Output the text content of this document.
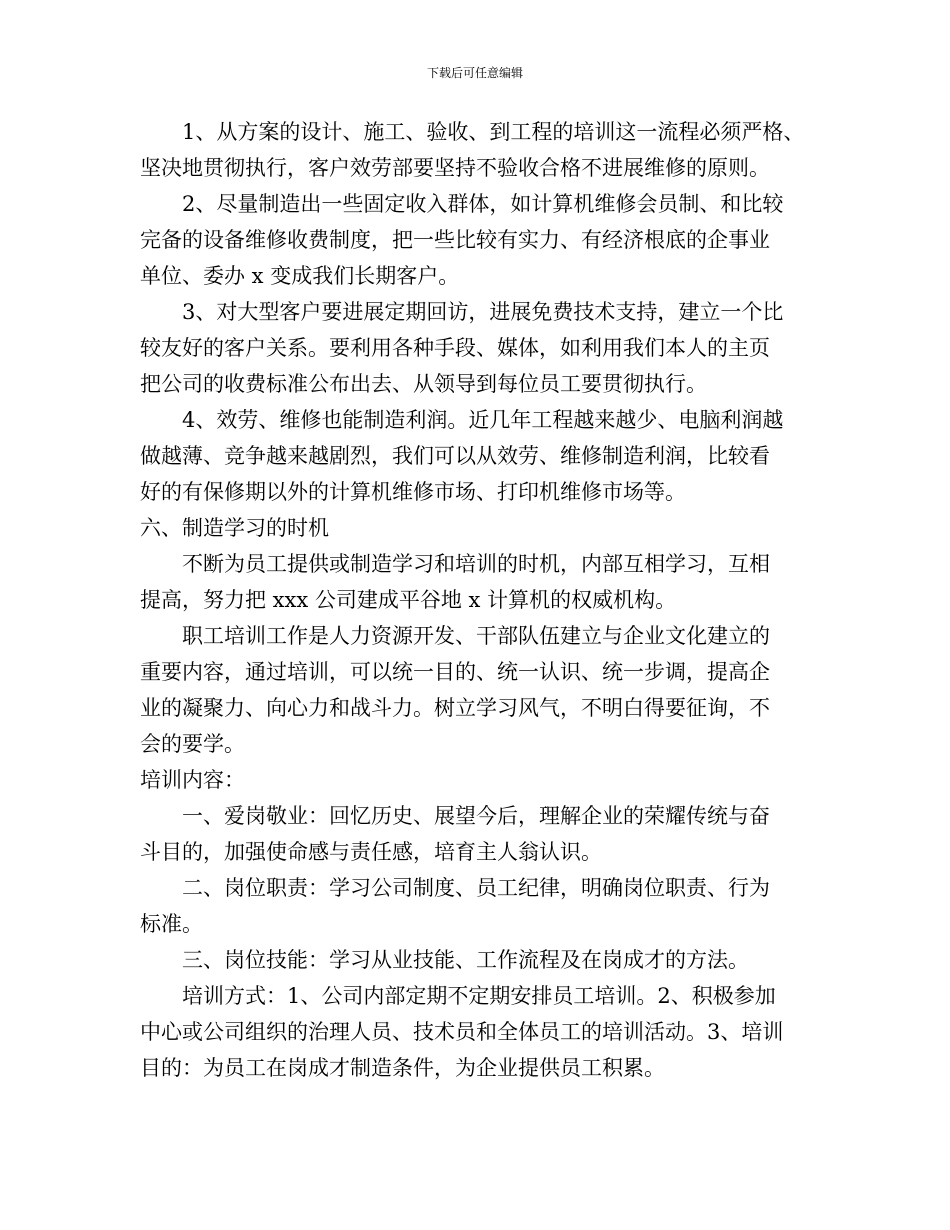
下载后可任意编辑

1、从方案的设计、施工、验收、到工程的培训这一流程必须严格、

坚决地贯彻执行，客户效劳部要坚持不验收合格不进展维修的原则。

2、尽量制造出一些固定收入群体，如计算机维修会员制、和比较

完备的设备维修收费制度，把一些比较有实力、有经济根底的企事业

单位、委办 x 变成我们长期客户。

3、对大型客户要进展定期回访，进展免费技术支持，建立一个比

较友好的客户关系。要利用各种手段、媒体，如利用我们本人的主页

把公司的收费标准公布出去、从领导到每位员工要贯彻执行。

4、效劳、维修也能制造利润。近几年工程越来越少、电脑利润越

做越薄、竞争越来越剧烈，我们可以从效劳、维修制造利润，比较看

好的有保修期以外的计算机维修市场、打印机维修市场等。

六、制造学习的时机

不断为员工提供或制造学习和培训的时机，内部互相学习，互相

提高，努力把 xxx 公司建成平谷地 x 计算机的权威机构。

职工培训工作是人力资源开发、干部队伍建立与企业文化建立的

重要内容，通过培训，可以统一目的、统一认识、统一步调，提高企

业的凝聚力、向心力和战斗力。树立学习风气，不明白得要征询，不

会的要学。

培训内容：

一、爱岗敬业：回忆历史、展望今后，理解企业的荣耀传统与奋

斗目的，加强使命感与责任感，培育主人翁认识。

二、岗位职责：学习公司制度、员工纪律，明确岗位职责、行为

标准。

三、岗位技能：学习从业技能、工作流程及在岗成才的方法。

培训方式：1、公司内部定期不定期安排员工培训。2、积极参加

中心或公司组织的治理人员、技术员和全体员工的培训活动。3、培训

目的：为员工在岗成才制造条件，为企业提供员工积累。
